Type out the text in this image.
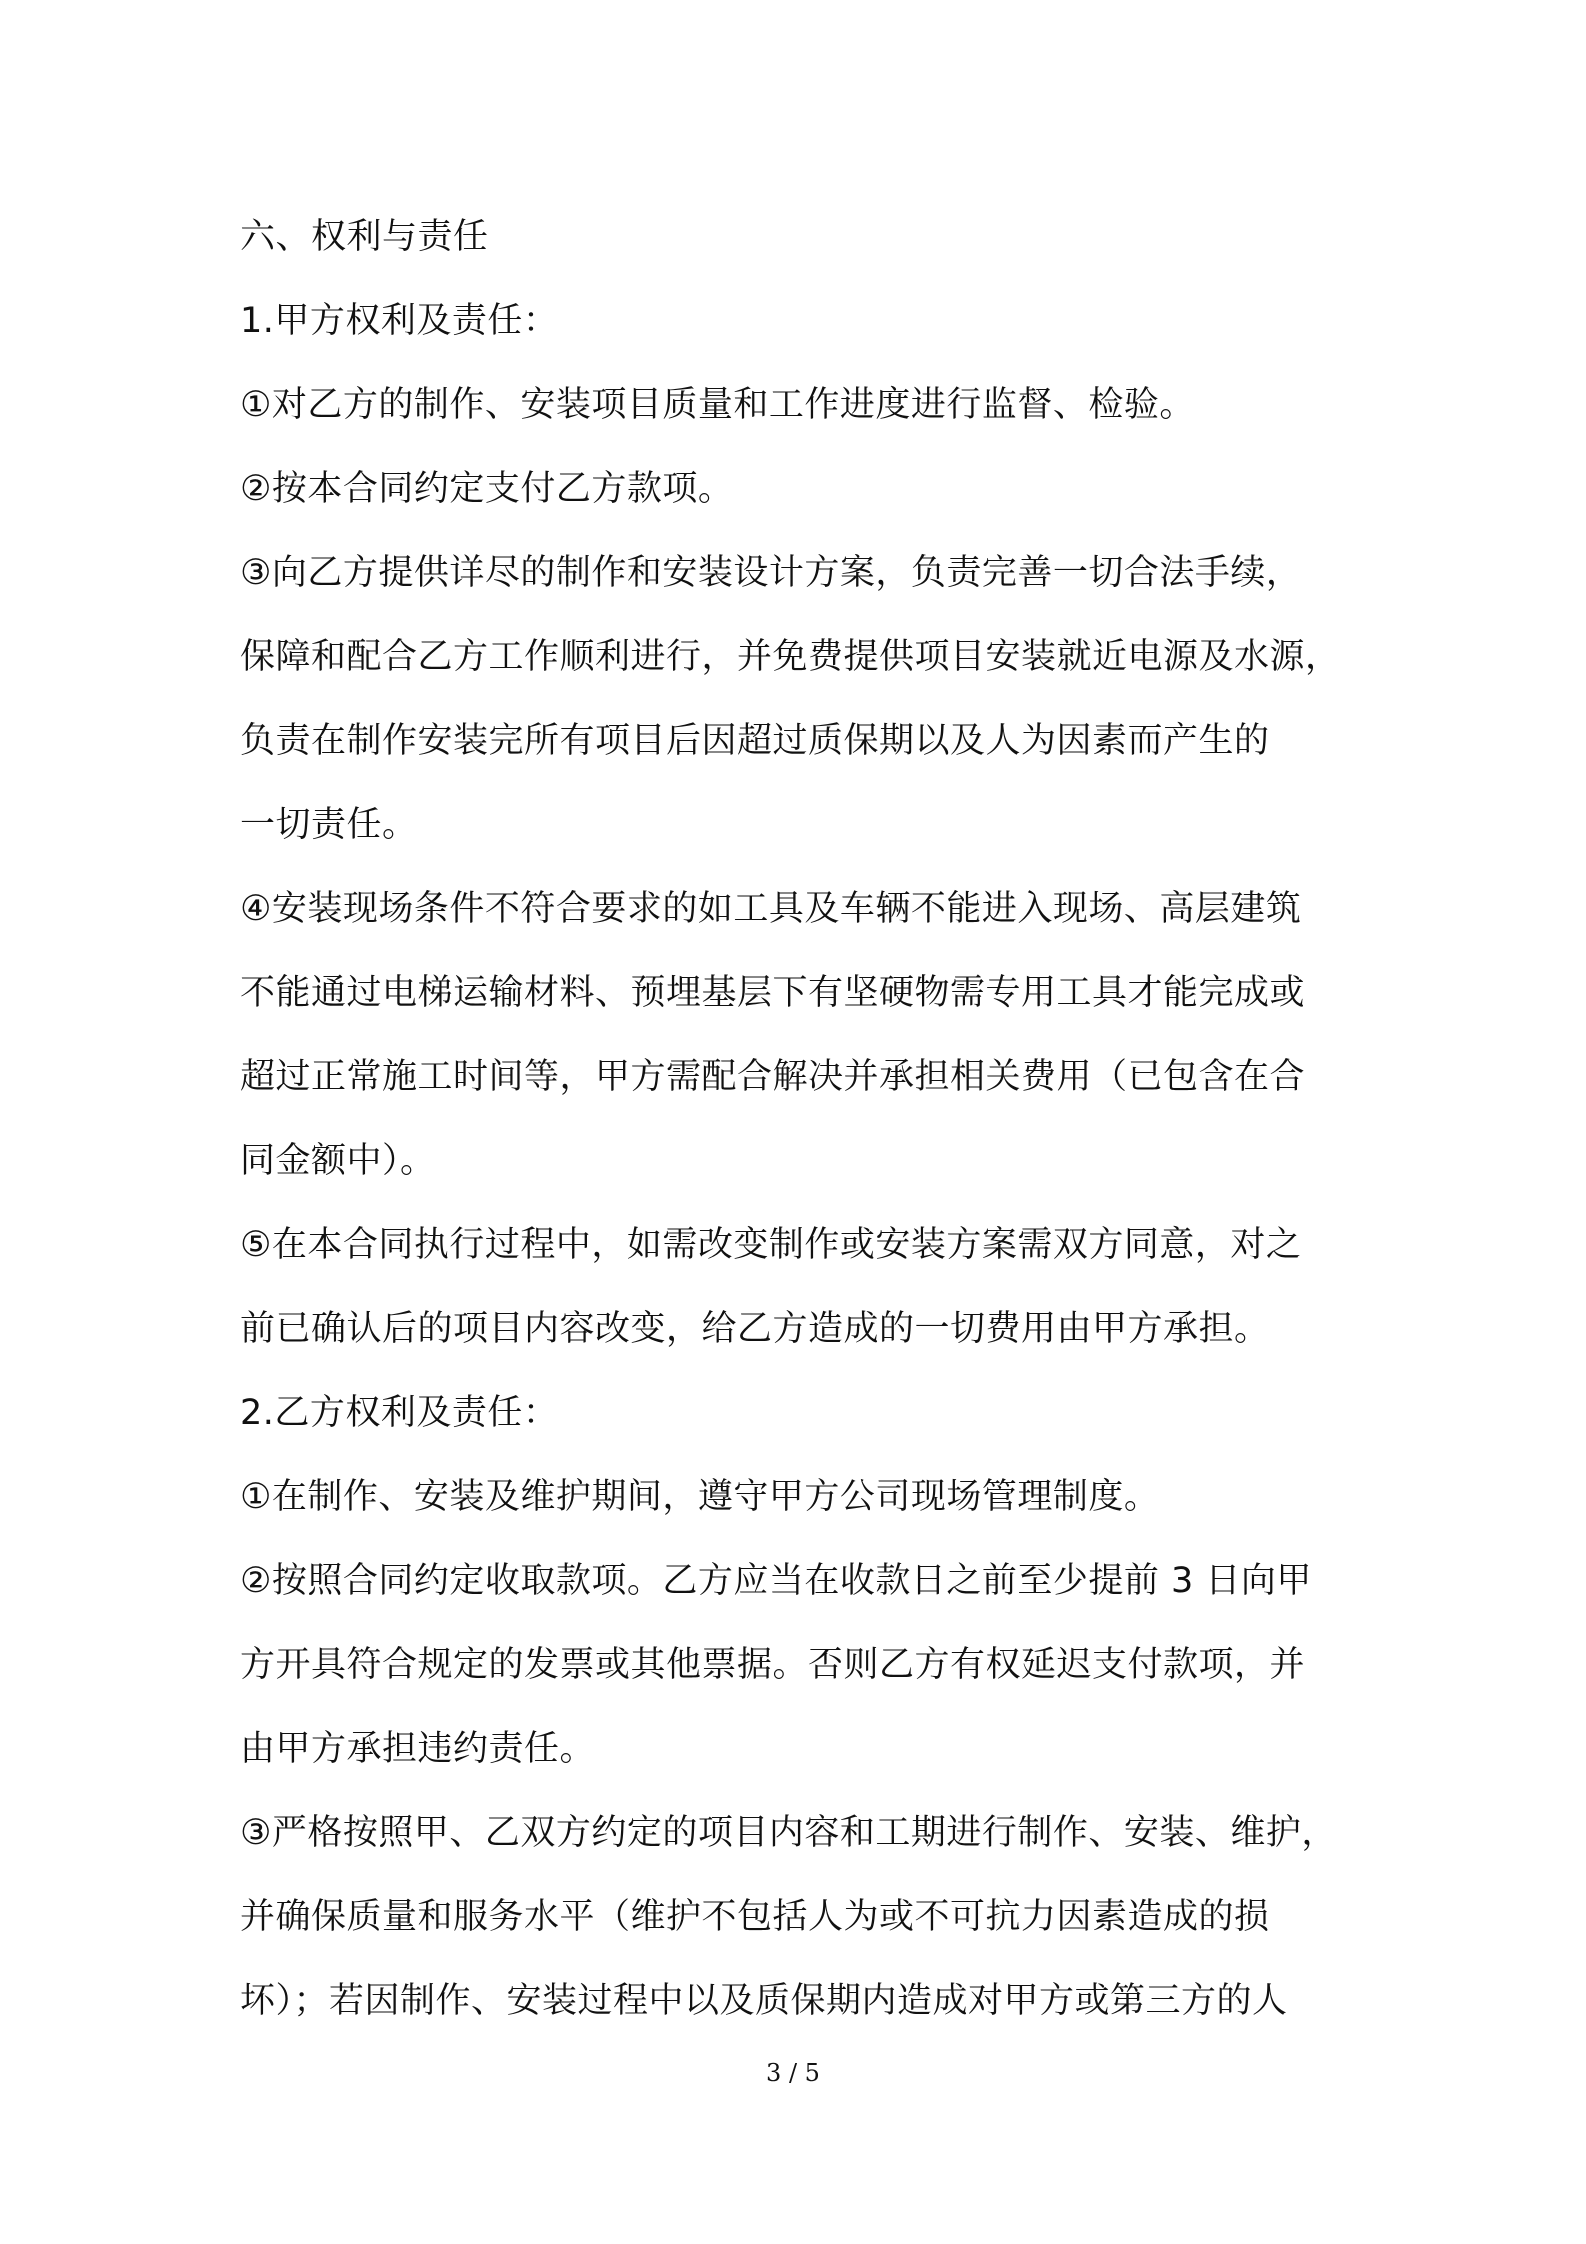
六、权利与责任
1.甲方权利及责任：
①对乙方的制作、安装项目质量和工作进度进行监督、检验。
②按本合同约定支付乙方款项。
③向乙方提供详尽的制作和安装设计方案，负责完善一切合法手续，
保障和配合乙方工作顺利进行，并免费提供项目安装就近电源及水源，
负责在制作安装完所有项目后因超过质保期以及人为因素而产生的
一切责任。
④安装现场条件不符合要求的如工具及车辆不能进入现场、高层建筑
不能通过电梯运输材料、预埋基层下有坚硬物需专用工具才能完成或
超过正常施工时间等，甲方需配合解决并承担相关费用（已包含在合
同金额中）。
⑤在本合同执行过程中，如需改变制作或安装方案需双方同意，对之
前已确认后的项目内容改变，给乙方造成的一切费用由甲方承担。
2.乙方权利及责任：
①在制作、安装及维护期间，遵守甲方公司现场管理制度。
②按照合同约定收取款项。乙方应当在收款日之前至少提前 3 日向甲
方开具符合规定的发票或其他票据。否则乙方有权延迟支付款项，并
由甲方承担违约责任。
③严格按照甲、乙双方约定的项目内容和工期进行制作、安装、维护，
并确保质量和服务水平（维护不包括人为或不可抗力因素造成的损
坏）；若因制作、安装过程中以及质保期内造成对甲方或第三方的人
3 / 5
